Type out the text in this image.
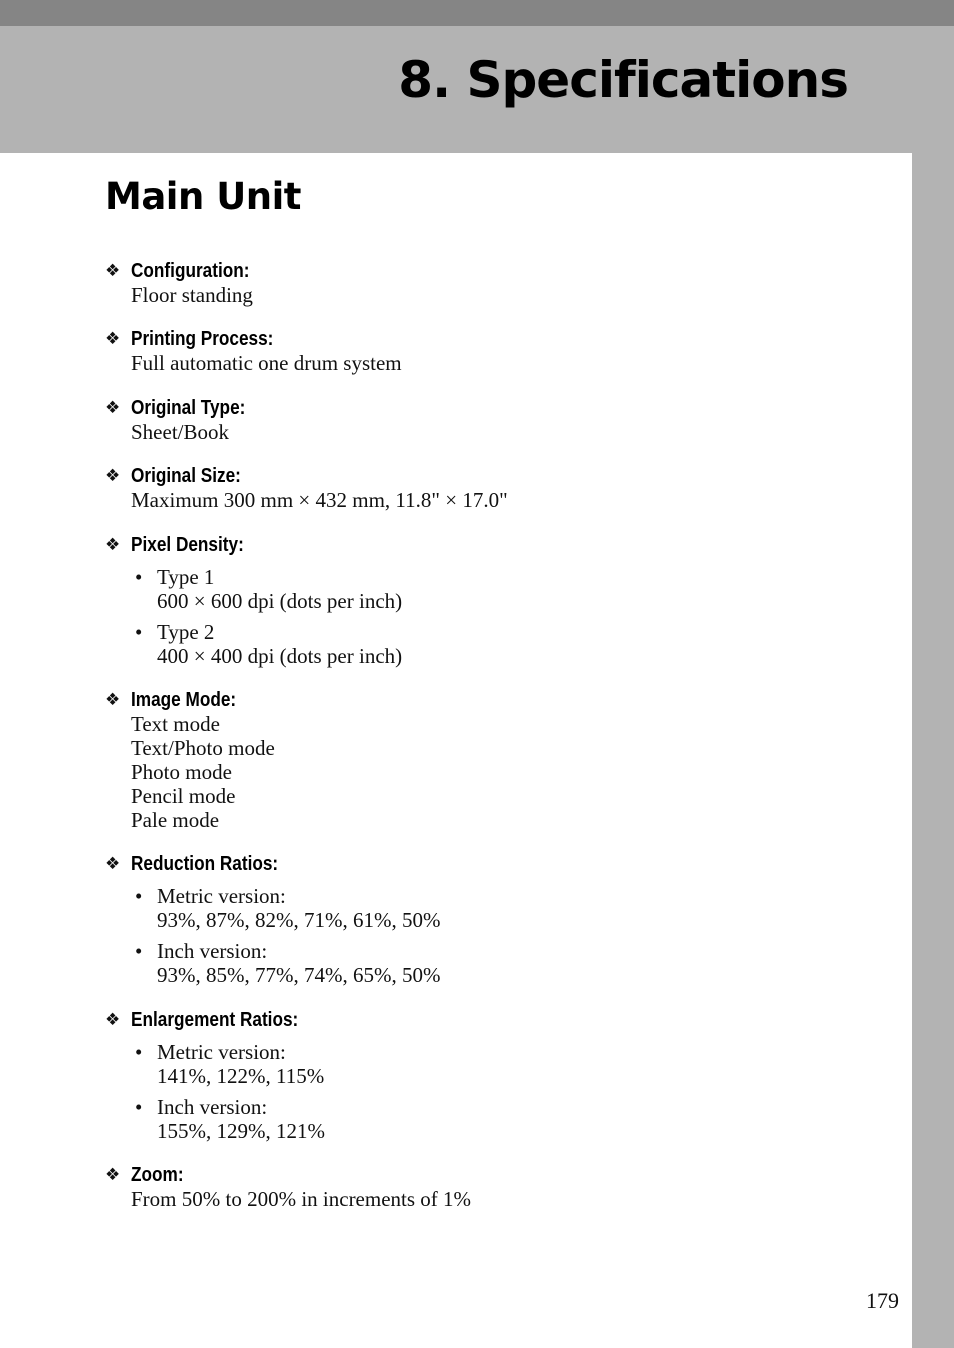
8. Specifications
Main Unit
❖ Configuration:
Floor standing
❖ Printing Process:
Full automatic one drum system
❖ Original Type:
Sheet/Book
❖ Original Size:
Maximum 300 mm × 432 mm, 11.8" × 17.0"
❖ Pixel Density:
• Type 1
600 × 600 dpi (dots per inch)
• Type 2
400 × 400 dpi (dots per inch)
❖ Image Mode:
Text mode
Text/Photo mode
Photo mode
Pencil mode
Pale mode
❖ Reduction Ratios:
• Metric version:
93%, 87%, 82%, 71%, 61%, 50%
• Inch version:
93%, 85%, 77%, 74%, 65%, 50%
❖ Enlargement Ratios:
• Metric version:
141%, 122%, 115%
• Inch version:
155%, 129%, 121%
❖ Zoom:
From 50% to 200% in increments of 1%
179
